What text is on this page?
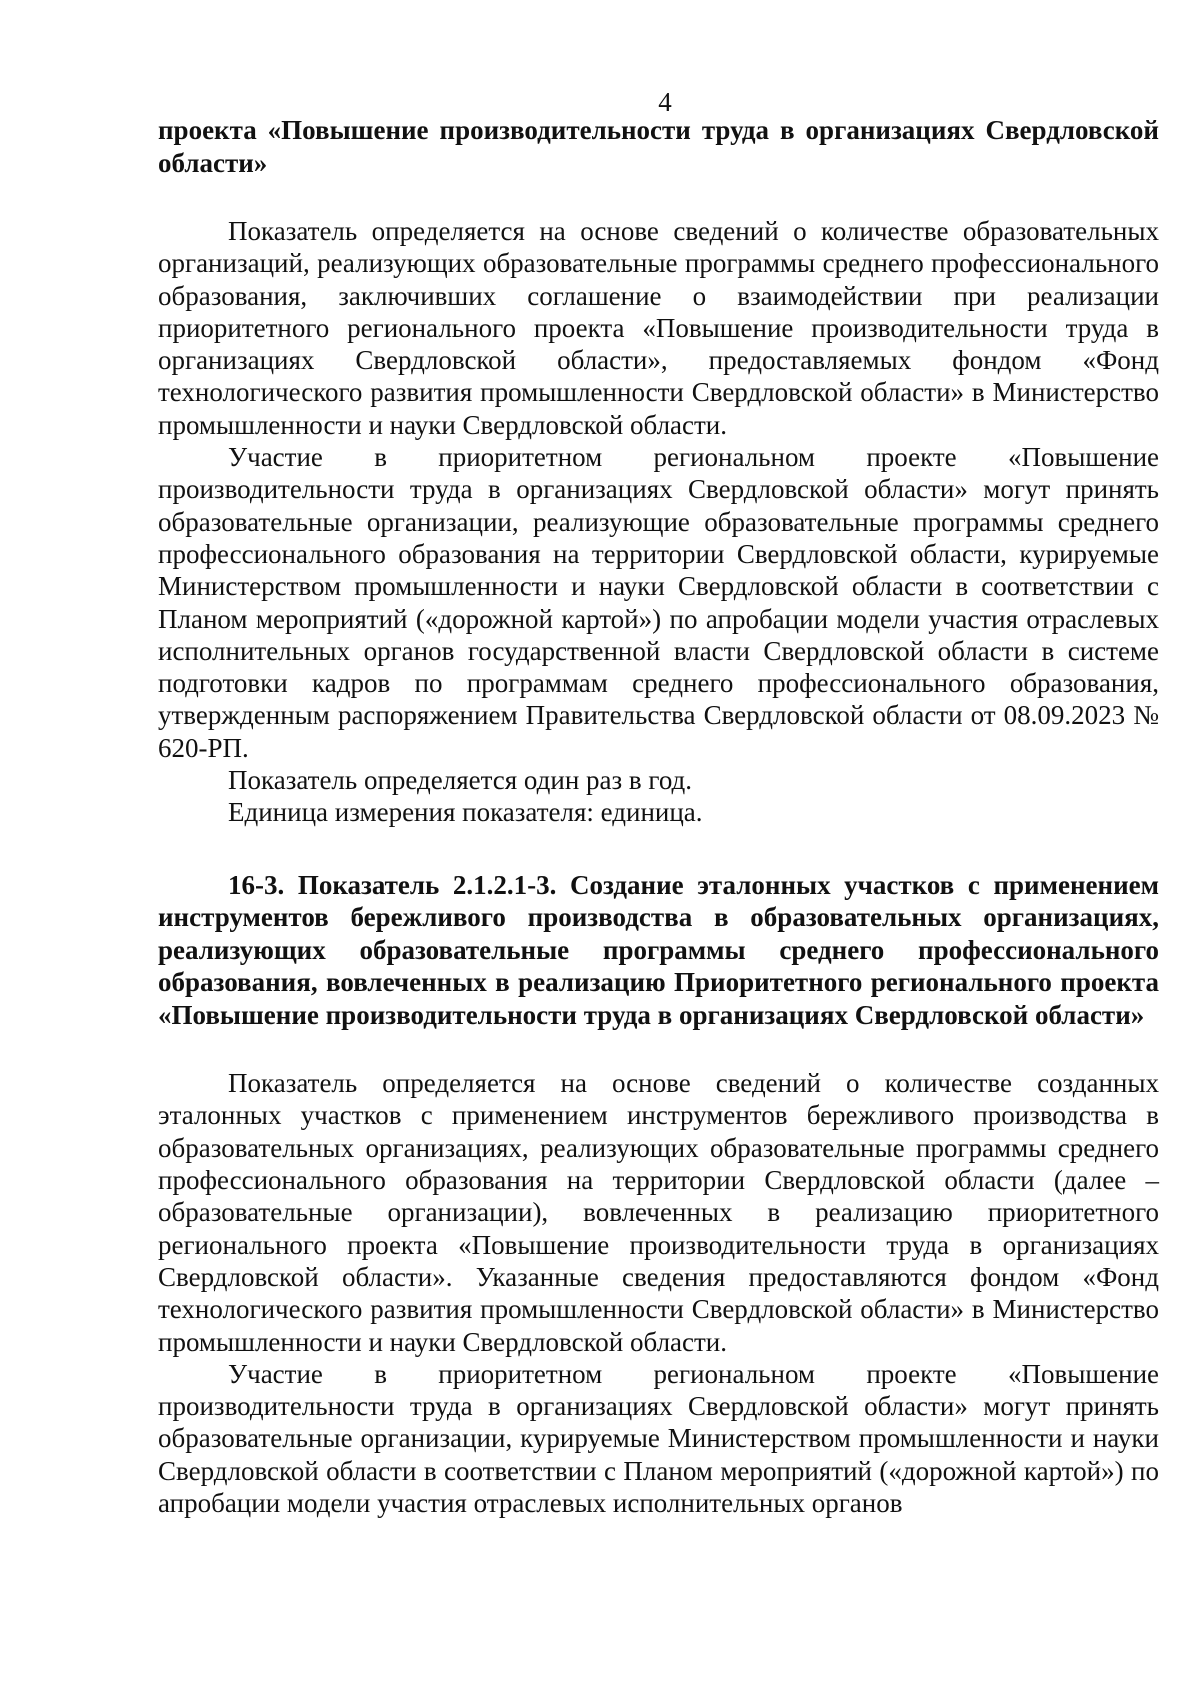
4

проекта «Повышение производительности труда в организациях Свердловской области»

Показатель определяется на основе сведений о количестве образовательных организаций, реализующих образовательные программы среднего профессионального образования, заключивших соглашение о взаимодействии при реализации приоритетного регионального проекта «Повышение производительности труда в организациях Свердловской области», предоставляемых фондом «Фонд технологического развития промышленности Свердловской области» в Министерство промышленности и науки Свердловской области.

Участие в приоритетном региональном проекте «Повышение производительности труда в организациях Свердловской области» могут принять образовательные организации, реализующие образовательные программы среднего профессионального образования на территории Свердловской области, курируемые Министерством промышленности и науки Свердловской области в соответствии с Планом мероприятий («дорожной картой») по апробации модели участия отраслевых исполнительных органов государственной власти Свердловской области в системе подготовки кадров по программам среднего профессионального образования, утвержденным распоряжением Правительства Свердловской области от 08.09.2023 № 620-РП.

Показатель определяется один раз в год.

Единица измерения показателя: единица.

16-3. Показатель 2.1.2.1-3. Создание эталонных участков с применением инструментов бережливого производства в образовательных организациях, реализующих образовательные программы среднего профессионального образования, вовлеченных в реализацию Приоритетного регионального проекта «Повышение производительности труда в организациях Свердловской области»

Показатель определяется на основе сведений о количестве созданных эталонных участков с применением инструментов бережливого производства в образовательных организациях, реализующих образовательные программы среднего профессионального образования на территории Свердловской области (далее – образовательные организации), вовлеченных в реализацию приоритетного регионального проекта «Повышение производительности труда в организациях Свердловской области». Указанные сведения предоставляются фондом «Фонд технологического развития промышленности Свердловской области» в Министерство промышленности и науки Свердловской области.

Участие в приоритетном региональном проекте «Повышение производительности труда в организациях Свердловской области» могут принять образовательные организации, курируемые Министерством промышленности и науки Свердловской области в соответствии с Планом мероприятий («дорожной картой») по апробации модели участия отраслевых исполнительных органов
